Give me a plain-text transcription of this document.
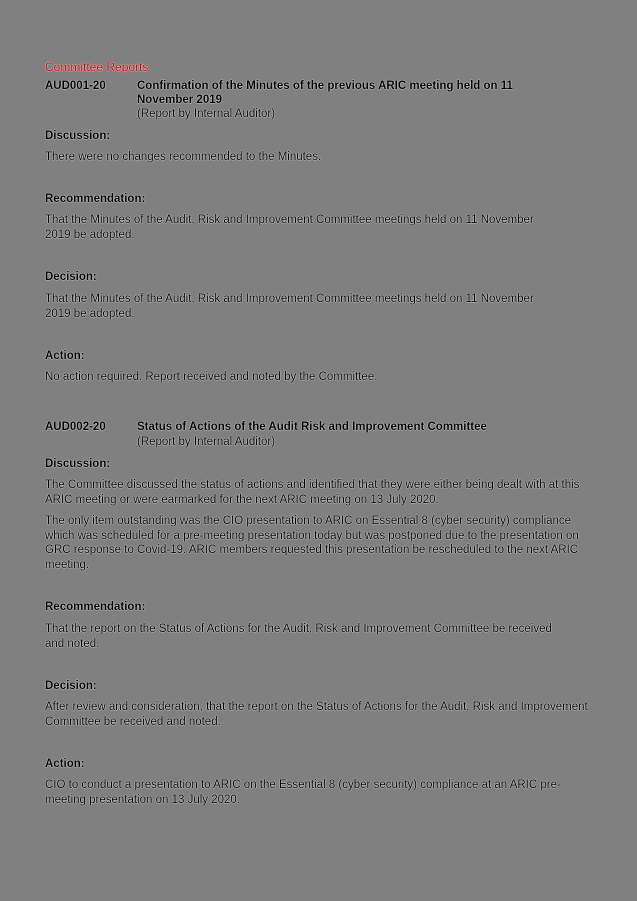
Committee Reports
AUD001-20	Confirmation of the Minutes of the previous ARIC meeting held on 11
November 2019
(Report by Internal Auditor)
Discussion:
There were no changes recommended to the Minutes.
Recommendation:
That the Minutes of the Audit, Risk and Improvement Committee meetings held on 11 November 2019 be adopted.
Decision:
That the Minutes of the Audit, Risk and Improvement Committee meetings held on 11 November 2019 be adopted.
Action:
No action required. Report received and noted by the Committee.
AUD002-20	Status of Actions of the Audit Risk and Improvement Committee
(Report by Internal Auditor)
Discussion:
The Committee discussed the status of actions and identified that they were either being dealt with at this ARIC meeting or were earmarked for the next ARIC meeting on 13 July 2020.
The only item outstanding was the CIO presentation to ARIC on Essential 8 (cyber security) compliance which was scheduled for a pre-meeting presentation today but was postponed due to the presentation on GRC response to Covid-19. ARIC members requested this presentation be rescheduled to the next ARIC meeting.
Recommendation:
That the report on the Status of Actions for the Audit, Risk and Improvement Committee be received and noted.
Decision:
After review and consideration, that the report on the Status of Actions for the Audit, Risk and Improvement Committee be received and noted.
Action:
CIO to conduct a presentation to ARIC on the Essential 8 (cyber security) compliance at an ARIC pre-meeting presentation on 13 July 2020.
